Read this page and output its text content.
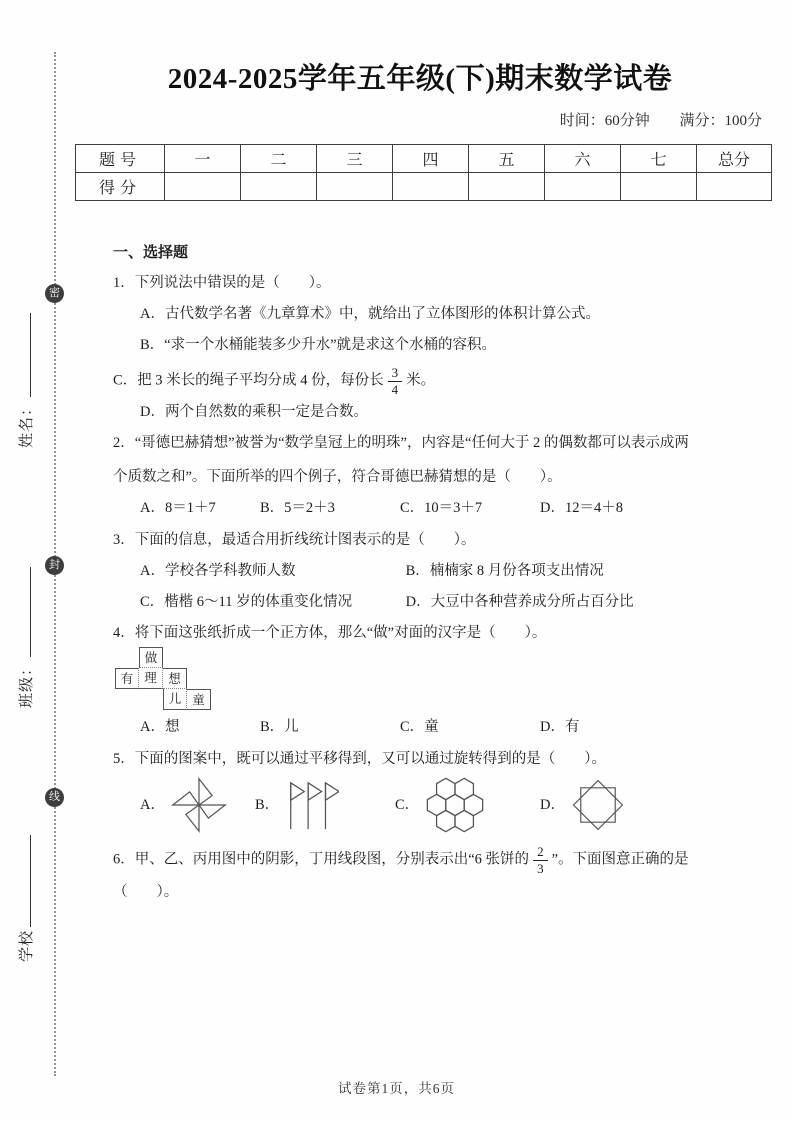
密
封
线
姓名：
班级：
学校
2024-2025学年五年级(下)期末数学试卷
时间：60分钟 满分：100分
题号	一	二	三	四	五	六	七	总分
得分								
一、选择题
1．下列说法中错误的是（　　）。
A．古代数学名著《九章算术》中，就给出了立体图形的体积计算公式。
B．“求一个水桶能装多少升水”就是求这个水桶的容积。
C．把 3 米长的绳子平均分成 4 份，每份长 $\frac{3}{4}$ 米。
D．两个自然数的乘积一定是合数。
2．“哥德巴赫猜想”被誉为“数学皇冠上的明珠”，内容是“任何大于 2 的偶数都可以表示成两
个质数之和”。下面所举的四个例子，符合哥德巴赫猜想的是（　　）。
A．8＝1＋7	B．5＝2＋3	C．10＝3＋7	D．12＝4＋8
3．下面的信息，最适合用折线统计图表示的是（　　）。
A．学校各学科教师人数	B．楠楠家 8 月份各项支出情况
C．楷楷 6～11 岁的体重变化情况	D．大豆中各种营养成分所占百分比
4．将下面这张纸折成一个正方体，那么“做”对面的汉字是（　　）。
做
有 理 想
儿 童
A．想	B．儿	C．童	D．有
5．下面的图案中，既可以通过平移得到，又可以通过旋转得到的是（　　）。
A．	B．	C．	D．
6．甲、乙、丙用图中的阴影，丁用线段图，分别表示出“6 张饼的 $\frac{2}{3}$ ”。下面图意正确的是
（　　）。
试卷第1页，共6页
